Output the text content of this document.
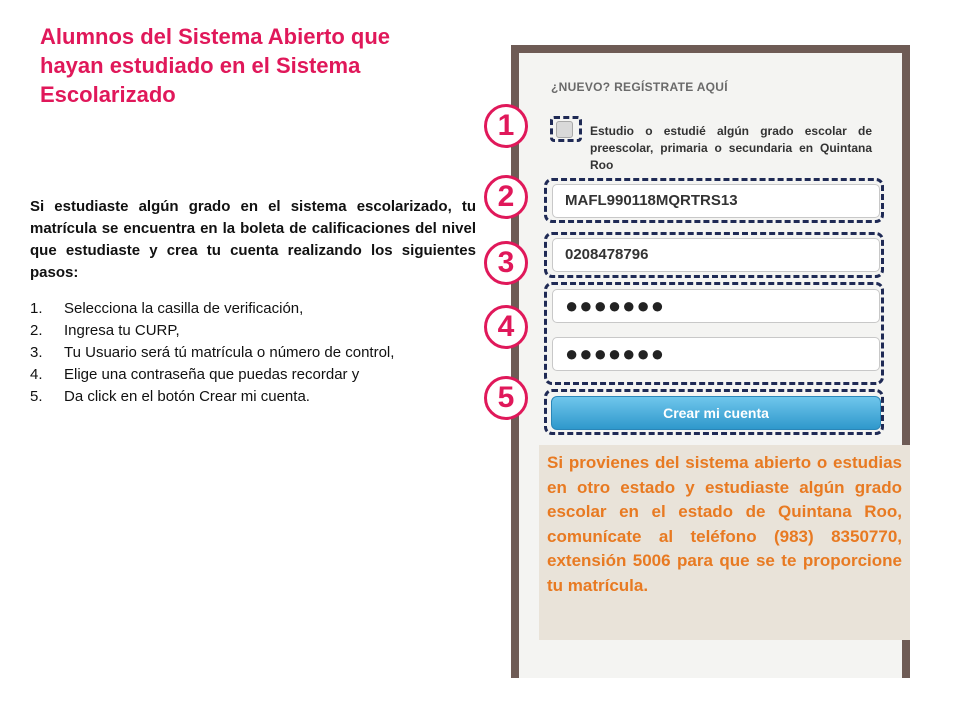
Alumnos del Sistema Abierto que hayan estudiado en el Sistema Escolarizado

Si estudiaste algún grado en el sistema escolarizado, tu matrícula se encuentra en la boleta de calificaciones del nivel que estudiaste y crea tu cuenta realizando los siguientes pasos:

1.	Selecciona la casilla de verificación,
2.	Ingresa tu CURP,
3.	Tu Usuario será tú matrícula o número de control,
4.	Elige una contraseña que puedas recordar y
5.	Da click en el botón Crear mi cuenta.
¿NUEVO? REGÍSTRATE AQUÍ
Estudio o estudié algún grado escolar de preescolar, primaria o secundaria en Quintana Roo
MAFL990118MQRTRS13
0208478796
●●●●●●●
●●●●●●●
Crear mi cuenta
Si provienes del sistema abierto o estudias en otro estado y estudiaste algún grado escolar en el estado de Quintana Roo, comunícate al teléfono (983) 8350770, extensión 5006 para que se te proporcione tu matrícula.
1
2
3
4
5
